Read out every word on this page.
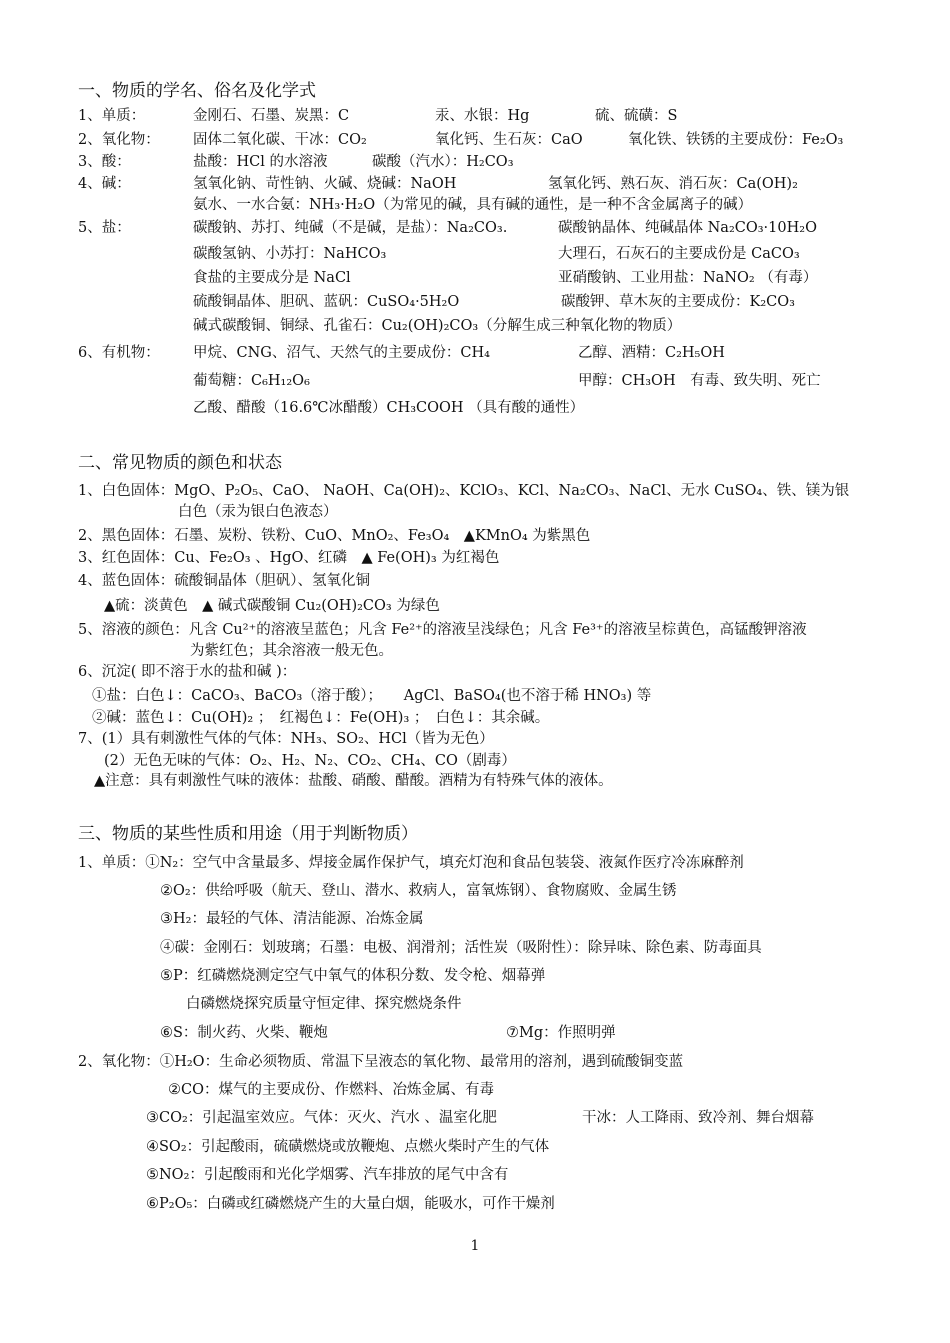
一、物质的学名、俗名及化学式
1、单质：	金刚石、石墨、炭黑：C	汞、水银：Hg	硫、硫磺：S
2、氧化物： 固体二氧化碳、干冰：CO₂	氧化钙、生石灰：CaO	氧化铁、铁锈的主要成份：Fe₂O₃
3、酸：	盐酸：HCl 的水溶液	碳酸（汽水）：H₂CO₃
4、碱：	氢氧化钠、苛性钠、火碱、烧碱：NaOH	氢氧化钙、熟石灰、消石灰：Ca(OH)₂
氨水、一水合氨：NH₃·H₂O（为常见的碱，具有碱的通性，是一种不含金属离子的碱）
5、盐：	碳酸钠、苏打、纯碱（不是碱，是盐）：Na₂CO₃.	碳酸钠晶体、纯碱晶体 Na₂CO₃·10H₂O
碳酸氢钠、小苏打：NaHCO₃	大理石，石灰石的主要成份是 CaCO₃
食盐的主要成分是 NaCl	亚硝酸钠、工业用盐：NaNO₂ （有毒）
硫酸铜晶体、胆矾、蓝矾：CuSO₄·5H₂O	碳酸钾、草木灰的主要成份：K₂CO₃
碱式碳酸铜、铜绿、孔雀石：Cu₂(OH)₂CO₃（分解生成三种氧化物的物质）
6、有机物： 甲烷、CNG、沼气、天然气的主要成份：CH₄	乙醇、酒精：C₂H₅OH
葡萄糖：C₆H₁₂O₆	甲醇：CH₃OH　有毒、致失明、死亡
乙酸、醋酸（16.6℃冰醋酸）CH₃COOH （具有酸的通性）
二、常见物质的颜色和状态
1、白色固体：MgO、P₂O₅、CaO、 NaOH、Ca(OH)₂、KClO₃、KCl、Na₂CO₃、NaCl、无水 CuSO₄、铁、镁为银
白色（汞为银白色液态）
2、黑色固体：石墨、炭粉、铁粉、CuO、MnO₂、Fe₃O₄　▲KMnO₄ 为紫黑色
3、红色固体：Cu、Fe₂O₃ 、HgO、红磷　▲ Fe(OH)₃ 为红褐色
4、蓝色固体：硫酸铜晶体（胆矾）、氢氧化铜
▲硫：淡黄色　▲ 碱式碳酸铜 Cu₂(OH)₂CO₃ 为绿色
5、溶液的颜色：凡含 Cu²⁺的溶液呈蓝色；凡含 Fe²⁺的溶液呈浅绿色；凡含 Fe³⁺的溶液呈棕黄色，高锰酸钾溶液
为紫红色；其余溶液一般无色。
6、沉淀( 即不溶于水的盐和碱 )：
①盐：白色↓：CaCO₃、BaCO₃（溶于酸）；　　AgCl、BaSO₄(也不溶于稀 HNO₃) 等
②碱：蓝色↓：Cu(OH)₂ ；　红褐色↓：Fe(OH)₃ ；　白色↓：其余碱。
7、(1）具有刺激性气体的气体：NH₃、SO₂、HCl（皆为无色）
(2）无色无味的气体：O₂、H₂、N₂、CO₂、CH₄、CO（剧毒）
▲注意：具有刺激性气味的液体：盐酸、硝酸、醋酸。酒精为有特殊气体的液体。
三、物质的某些性质和用途（用于判断物质）
1、单质：①N₂：空气中含量最多、焊接金属作保护气，填充灯泡和食品包装袋、液氮作医疗冷冻麻醉剂
②O₂：供给呼吸（航天、登山、潜水、救病人，富氧炼钢）、食物腐败、金属生锈
③H₂：最轻的气体、清洁能源、冶炼金属
④碳：金刚石：划玻璃；石墨：电极、润滑剂；活性炭（吸附性）：除异味、除色素、防毒面具
⑤P：红磷燃烧测定空气中氧气的体积分数、发令枪、烟幕弹
白磷燃烧探究质量守恒定律、探究燃烧条件
⑥S：制火药、火柴、鞭炮	⑦Mg：作照明弹
2、氧化物：①H₂O：生命必须物质、常温下呈液态的氧化物、最常用的溶剂，遇到硫酸铜变蓝
②CO：煤气的主要成份、作燃料、冶炼金属、有毒
③CO₂：引起温室效应。气体：灭火、汽水 、温室化肥	干冰：人工降雨、致冷剂、舞台烟幕
④SO₂：引起酸雨，硫磺燃烧或放鞭炮、点燃火柴时产生的气体
⑤NO₂：引起酸雨和光化学烟雾、汽车排放的尾气中含有
⑥P₂O₅：白磷或红磷燃烧产生的大量白烟，能吸水，可作干燥剂
1
